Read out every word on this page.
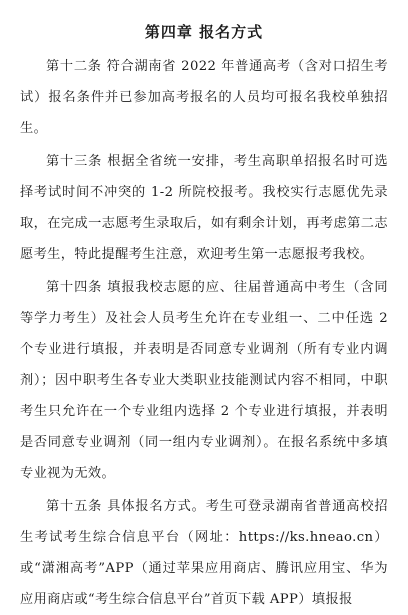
第四章 报名方式

第十二条 符合湖南省 2022 年普通高考（含对口招生考试）报名条件并已参加高考报名的人员均可报名我校单独招生。

第十三条 根据全省统一安排，考生高职单招报名时可选择考试时间不冲突的 1-2 所院校报考。我校实行志愿优先录取，在完成一志愿考生录取后，如有剩余计划，再考虑第二志愿考生，特此提醒考生注意，欢迎考生第一志愿报考我校。

第十四条 填报我校志愿的应、往届普通高中考生（含同等学力考生）及社会人员考生允许在专业组一、二中任选 2 个专业进行填报，并表明是否同意专业调剂（所有专业内调剂）；因中职考生各专业大类职业技能测试内容不相同，中职考生只允许在一个专业组内选择 2 个专业进行填报，并表明是否同意专业调剂（同一组内专业调剂）。在报名系统中多填专业视为无效。

第十五条 具体报名方式。考生可登录湖南省普通高校招生考试考生综合信息平台（网址：https://ks.hneao.cn）或“潇湘高考”APP（通过苹果应用商店、腾讯应用宝、华为应用商店或“考生综合信息平台”首页下载 APP）填报报
